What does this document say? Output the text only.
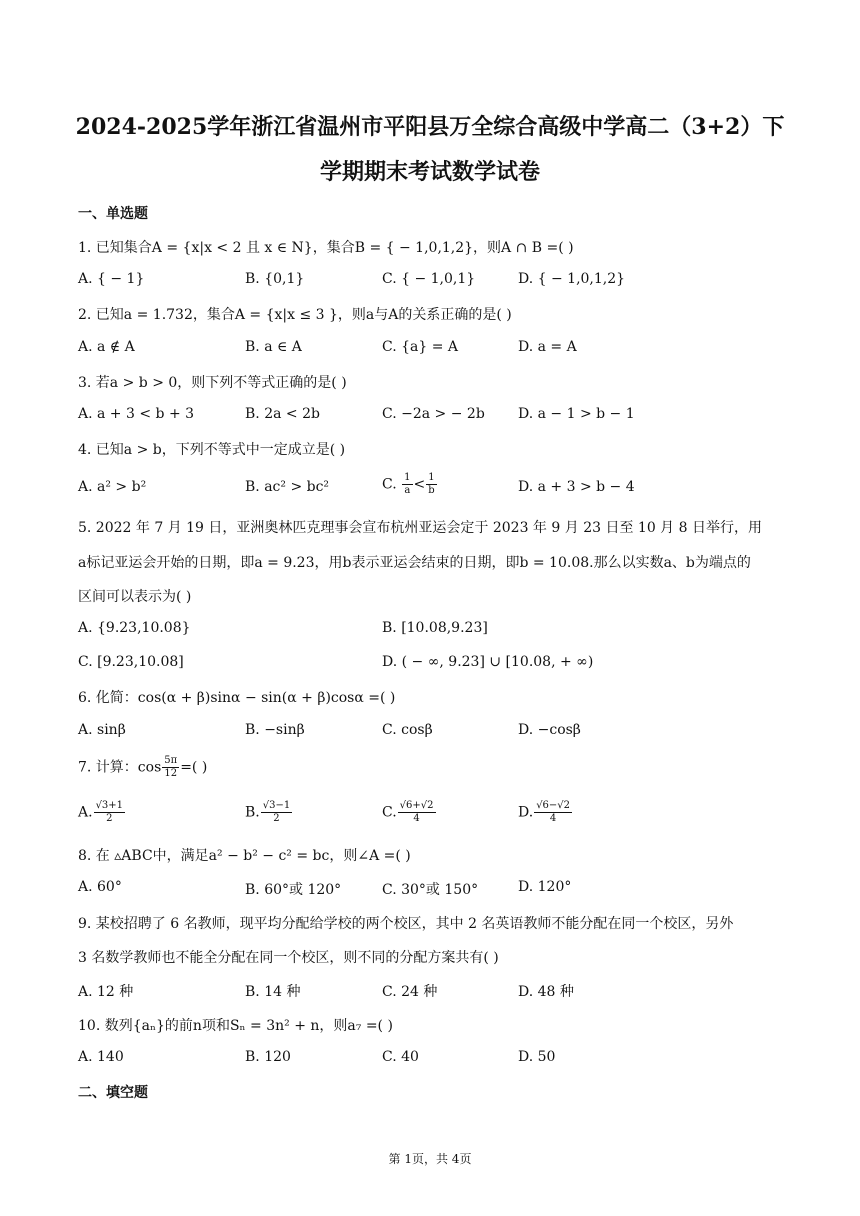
2024-2025学年浙江省温州市平阳县万全综合高级中学高二（3+2）下
学期期末考试数学试卷
一、单选题
1. 已知集合A = {x|x < 2 且 x ∈ N}，集合B = { − 1,0,1,2}，则A ∩ B =( )
A. { − 1}	B. {0,1}	C. { − 1,0,1}	D. { − 1,0,1,2}
2. 已知a = 1.732，集合A = {x|x ≤ 3 }，则a与A的关系正确的是( )
A. a ∉ A	B. a ∈ A	C. {a} = A	D. a = A
3. 若a > b > 0，则下列不等式正确的是( )
A. a + 3 < b + 3	B. 2a < 2b	C. −2a > − 2b D. a − 1 > b − 1
4. 已知a > b，下列不等式中一定成立是( )
A. a² > b²	B. ac² > bc²	C. $\frac{1}{a} < \frac{1}{b}$	D. a + 3 > b − 4
5. 2022 年 7 月 19 日，亚洲奥林匹克理事会宣布杭州亚运会定于 2023 年 9 月 23 日至 10 月 8 日举行，用
a标记亚运会开始的日期，即a = 9.23，用b表示亚运会结束的日期，即b = 10.08.那么以实数a、b为端点的
区间可以表示为( )
A. {9.23,10.08}	B. [10.08,9.23]
C. [9.23,10.08]	D. ( − ∞, 9.23] ∪ [10.08, + ∞)
6. 化简：cos(α + β)sinα − sin(α + β)cosα =( )
A. sinβ	B. −sinβ	C. cosβ	D. −cosβ
7. 计算：$\cos \frac{5\pi}{12}$ =( )
A. $\frac{√3+1}{2}$	B. $\frac{√3-1}{2}$	C. $\frac{√6+√2}{4}$	D. $\frac{√6-√2}{4}$
8. 在 ▵ABC中，满足a² − b² − c² = bc，则∠A =( )
A. 60°	B. 60°或 120°	C. 30°或 150°	D. 120°
9. 某校招聘了 6 名教师，现平均分配给学校的两个校区，其中 2 名英语教师不能分配在同一个校区，另外
3 名数学教师也不能全分配在同一个校区，则不同的分配方案共有( )
A. 12 种	B. 14 种	C. 24 种	D. 48 种
10. 数列{aₙ}的前n项和Sₙ = 3n² + n，则a₇ =( )
A. 140	B. 120	C. 40	D. 50
二、填空题
第 1页，共 4页
